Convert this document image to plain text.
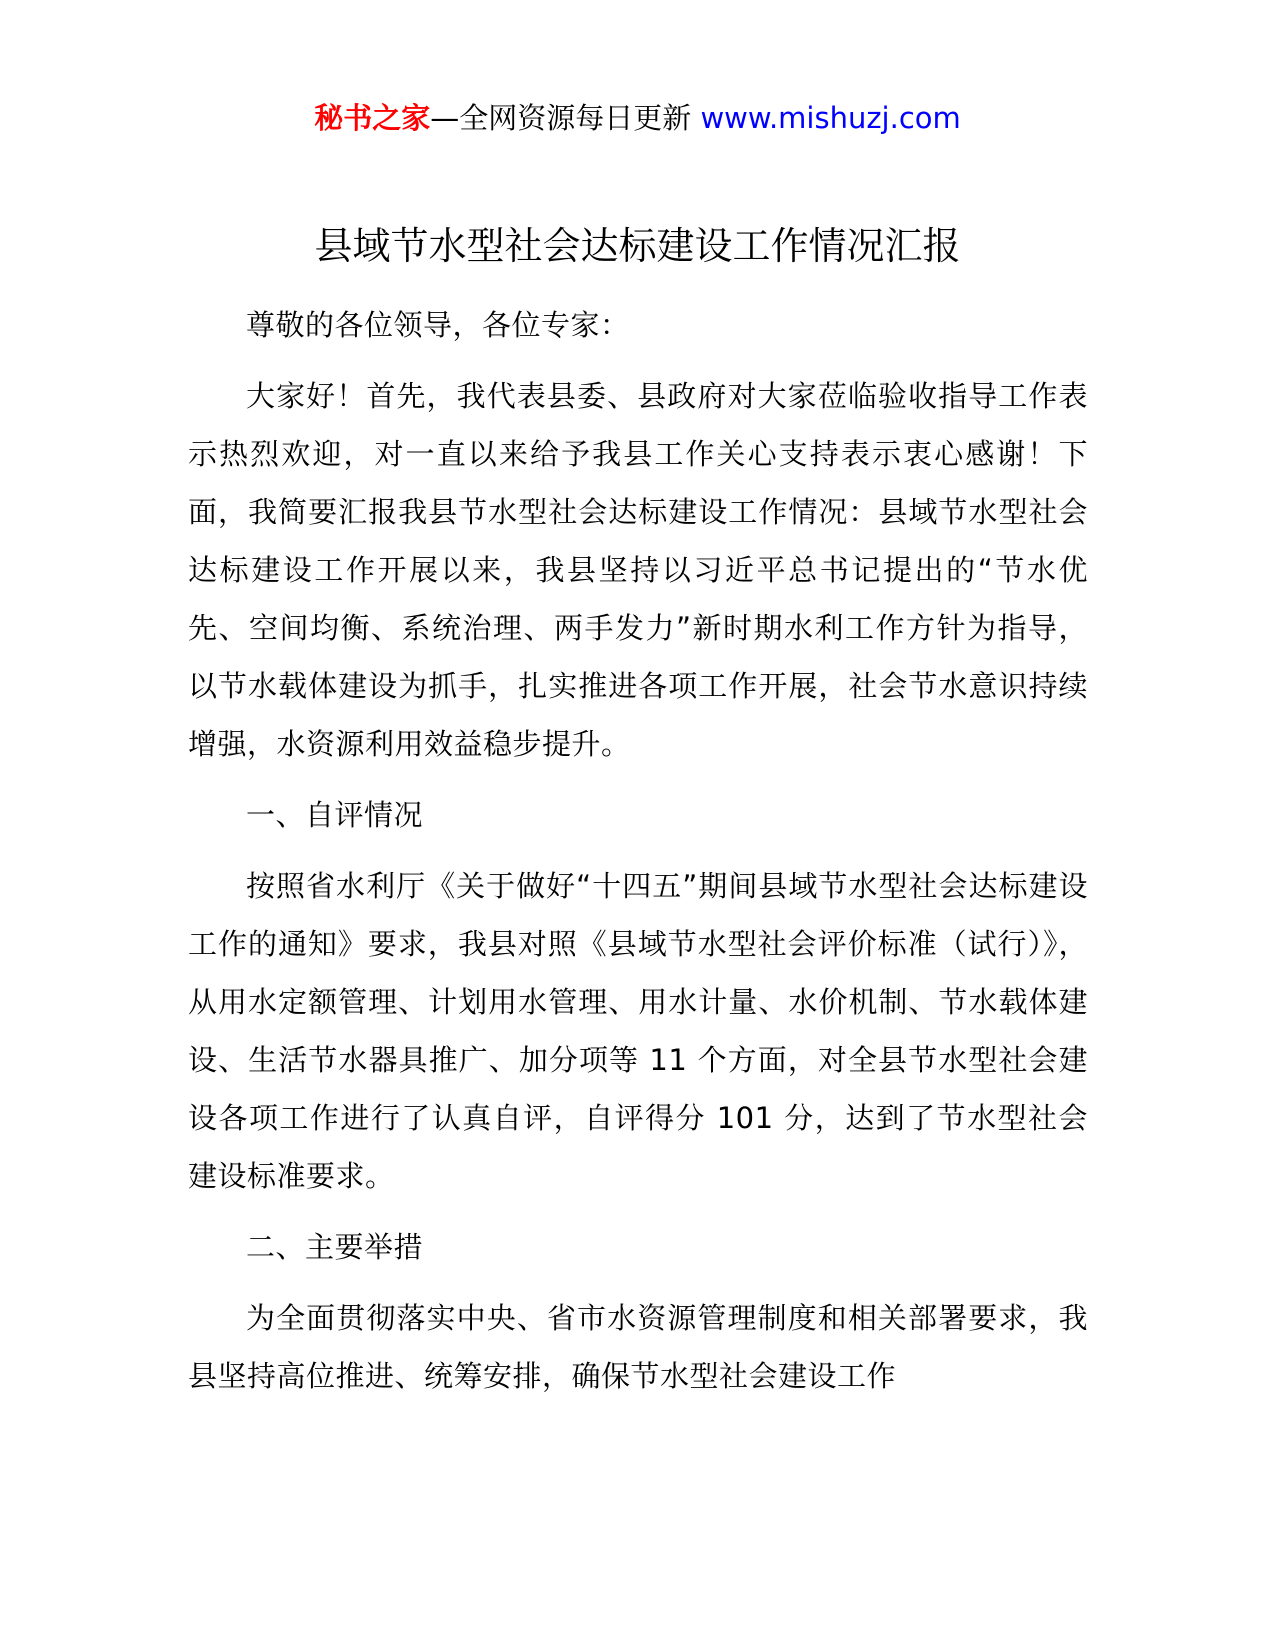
秘书之家—全网资源每日更新 www.mishuzj.com
县域节水型社会达标建设工作情况汇报

尊敬的各位领导，各位专家：

大家好！首先，我代表县委、县政府对大家莅临验收指导工作表示热烈欢迎，对一直以来给予我县工作关心支持表示衷心感谢！下面，我简要汇报我县节水型社会达标建设工作情况：县域节水型社会达标建设工作开展以来，我县坚持以习近平总书记提出的“节水优先、空间均衡、系统治理、两手发力”新时期水利工作方针为指导，以节水载体建设为抓手，扎实推进各项工作开展，社会节水意识持续增强，水资源利用效益稳步提升。

一、自评情况

按照省水利厅《关于做好“十四五”期间县域节水型社会达标建设工作的通知》要求，我县对照《县域节水型社会评价标准（试行）》，从用水定额管理、计划用水管理、用水计量、水价机制、节水载体建设、生活节水器具推广、加分项等 11 个方面，对全县节水型社会建设各项工作进行了认真自评，自评得分 101 分，达到了节水型社会建设标准要求。

二、主要举措

为全面贯彻落实中央、省市水资源管理制度和相关部署要求，我县坚持高位推进、统筹安排，确保节水型社会建设工作
